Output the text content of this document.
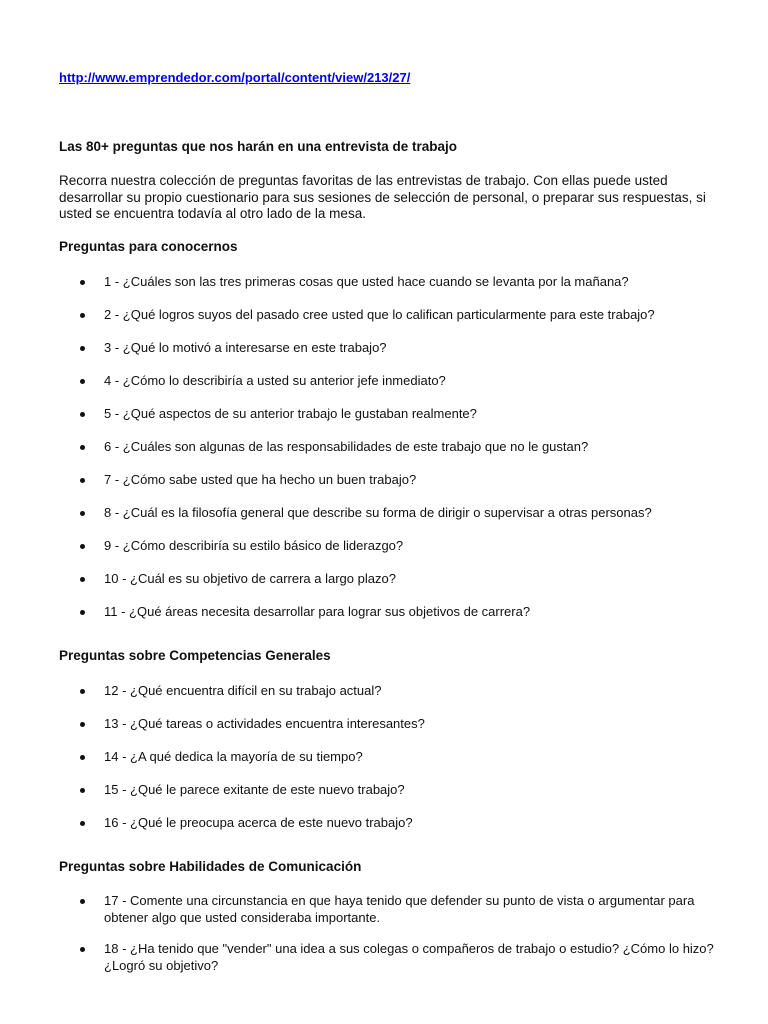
http://www.emprendedor.com/portal/content/view/213/27/
Las 80+ preguntas que nos harán en una entrevista de trabajo
Recorra nuestra colección de preguntas favoritas de las entrevistas de trabajo. Con ellas puede usted desarrollar su propio cuestionario para sus sesiones de selección de personal, o preparar sus respuestas, si usted se encuentra todavía al otro lado de la mesa.
Preguntas para conocernos
1 - ¿Cuáles son las tres primeras cosas que usted hace cuando se levanta por la mañana?
2 - ¿Qué logros suyos del pasado cree usted que lo califican particularmente para este trabajo?
3 - ¿Qué lo motivó a interesarse en este trabajo?
4 - ¿Cómo lo describiría a usted su anterior jefe inmediato?
5 - ¿Qué aspectos de su anterior trabajo le gustaban realmente?
6 - ¿Cuáles son algunas de las responsabilidades de este trabajo que no le gustan?
7 - ¿Cómo sabe usted que ha hecho un buen trabajo?
8 - ¿Cuál es la filosofía general que describe su forma de dirigir o supervisar a otras personas?
9 - ¿Cómo describiría su estilo básico de liderazgo?
10 - ¿Cuál es su objetivo de carrera a largo plazo?
11 - ¿Qué áreas necesita desarrollar para lograr sus objetivos de carrera?
Preguntas sobre Competencias Generales
12 - ¿Qué encuentra difícil en su trabajo actual?
13 - ¿Qué tareas o actividades encuentra interesantes?
14 - ¿A qué dedica la mayoría de su tiempo?
15 - ¿Qué le parece exitante de este nuevo trabajo?
16 - ¿Qué le preocupa acerca de este nuevo trabajo?
Preguntas sobre Habilidades de Comunicación
17 - Comente una circunstancia en que haya tenido que defender su punto de vista o argumentar para obtener algo que usted consideraba importante.
18 - ¿Ha tenido que "vender" una idea a sus colegas o compañeros de trabajo o estudio? ¿Cómo lo hizo? ¿Logró su objetivo?
